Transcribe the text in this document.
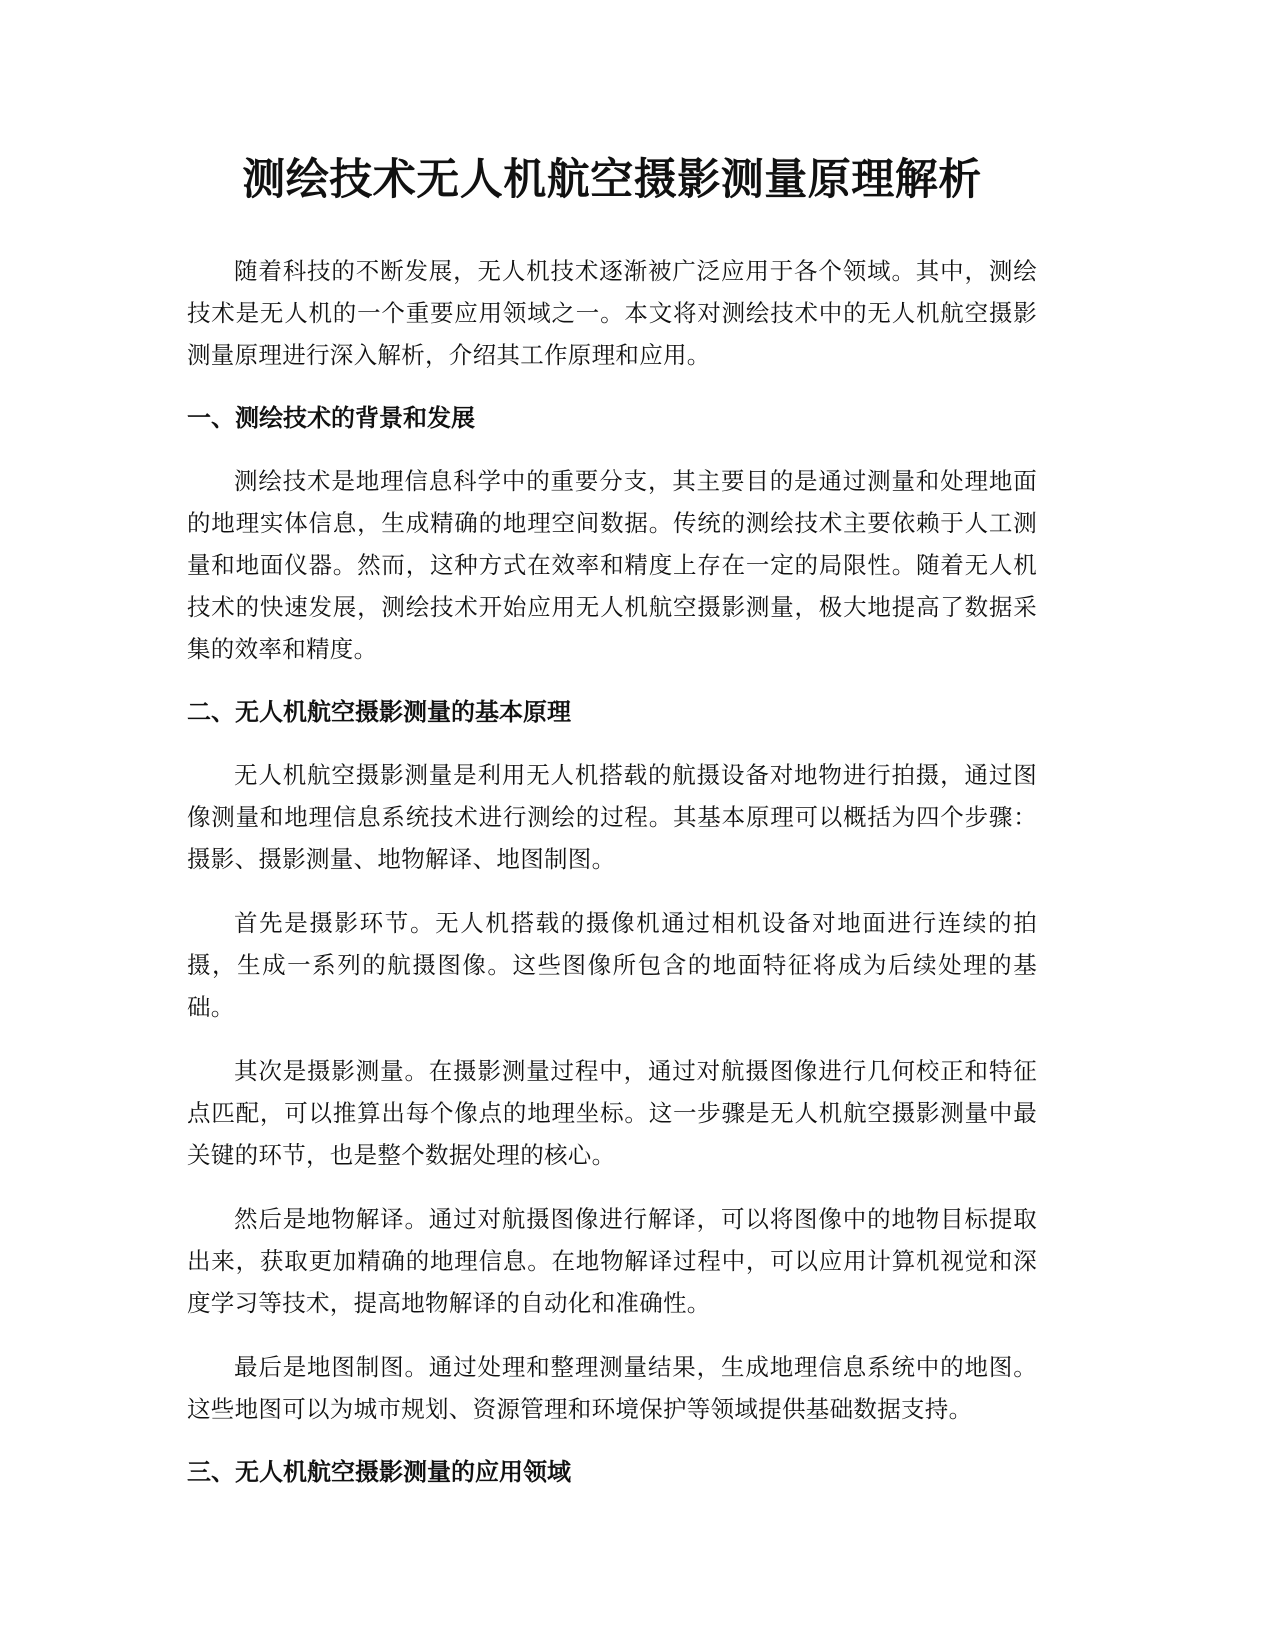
测绘技术无人机航空摄影测量原理解析

随着科技的不断发展，无人机技术逐渐被广泛应用于各个领域。其中，测绘技术是无人机的一个重要应用领域之一。本文将对测绘技术中的无人机航空摄影测量原理进行深入解析，介绍其工作原理和应用。

一、测绘技术的背景和发展

测绘技术是地理信息科学中的重要分支，其主要目的是通过测量和处理地面的地理实体信息，生成精确的地理空间数据。传统的测绘技术主要依赖于人工测量和地面仪器。然而，这种方式在效率和精度上存在一定的局限性。随着无人机技术的快速发展，测绘技术开始应用无人机航空摄影测量，极大地提高了数据采集的效率和精度。

二、无人机航空摄影测量的基本原理

无人机航空摄影测量是利用无人机搭载的航摄设备对地物进行拍摄，通过图像测量和地理信息系统技术进行测绘的过程。其基本原理可以概括为四个步骤：摄影、摄影测量、地物解译、地图制图。

首先是摄影环节。无人机搭载的摄像机通过相机设备对地面进行连续的拍摄，生成一系列的航摄图像。这些图像所包含的地面特征将成为后续处理的基础。

其次是摄影测量。在摄影测量过程中，通过对航摄图像进行几何校正和特征点匹配，可以推算出每个像点的地理坐标。这一步骤是无人机航空摄影测量中最关键的环节，也是整个数据处理的核心。

然后是地物解译。通过对航摄图像进行解译，可以将图像中的地物目标提取出来，获取更加精确的地理信息。在地物解译过程中，可以应用计算机视觉和深度学习等技术，提高地物解译的自动化和准确性。

最后是地图制图。通过处理和整理测量结果，生成地理信息系统中的地图。这些地图可以为城市规划、资源管理和环境保护等领域提供基础数据支持。

三、无人机航空摄影测量的应用领域
